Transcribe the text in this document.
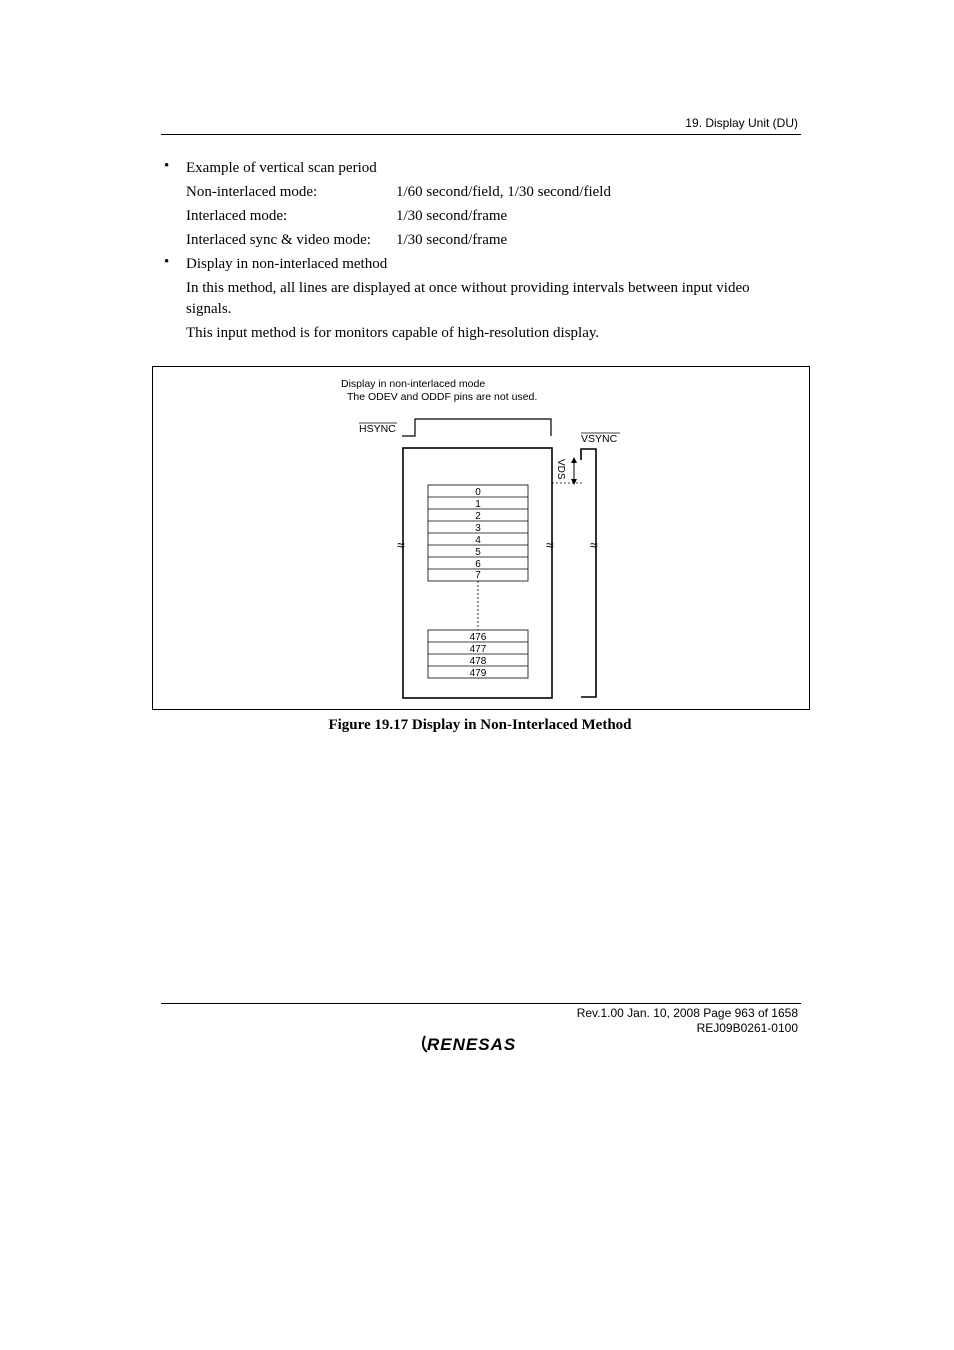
19. Display Unit (DU)
• Example of vertical scan period
Non-interlaced mode:	1/60 second/field, 1/30 second/field
Interlaced mode:	1/30 second/frame
Interlaced sync & video mode: 1/30 second/frame
• Display in non-interlaced method
In this method, all lines are displayed at once without providing intervals between input video signals.
This input method is for monitors capable of high-resolution display.
Display in non-interlaced mode
The ODEV and ODDF pins are not used.
HSYNC
VSYNC
VDS
≈	≈	≈
0
1
2
3
4
5
6
7
476
477
478
479
Figure 19.17 Display in Non-Interlaced Method
Rev.1.00 Jan. 10, 2008 Page 963 of 1658
REJ09B0261-0100
RENESAS
